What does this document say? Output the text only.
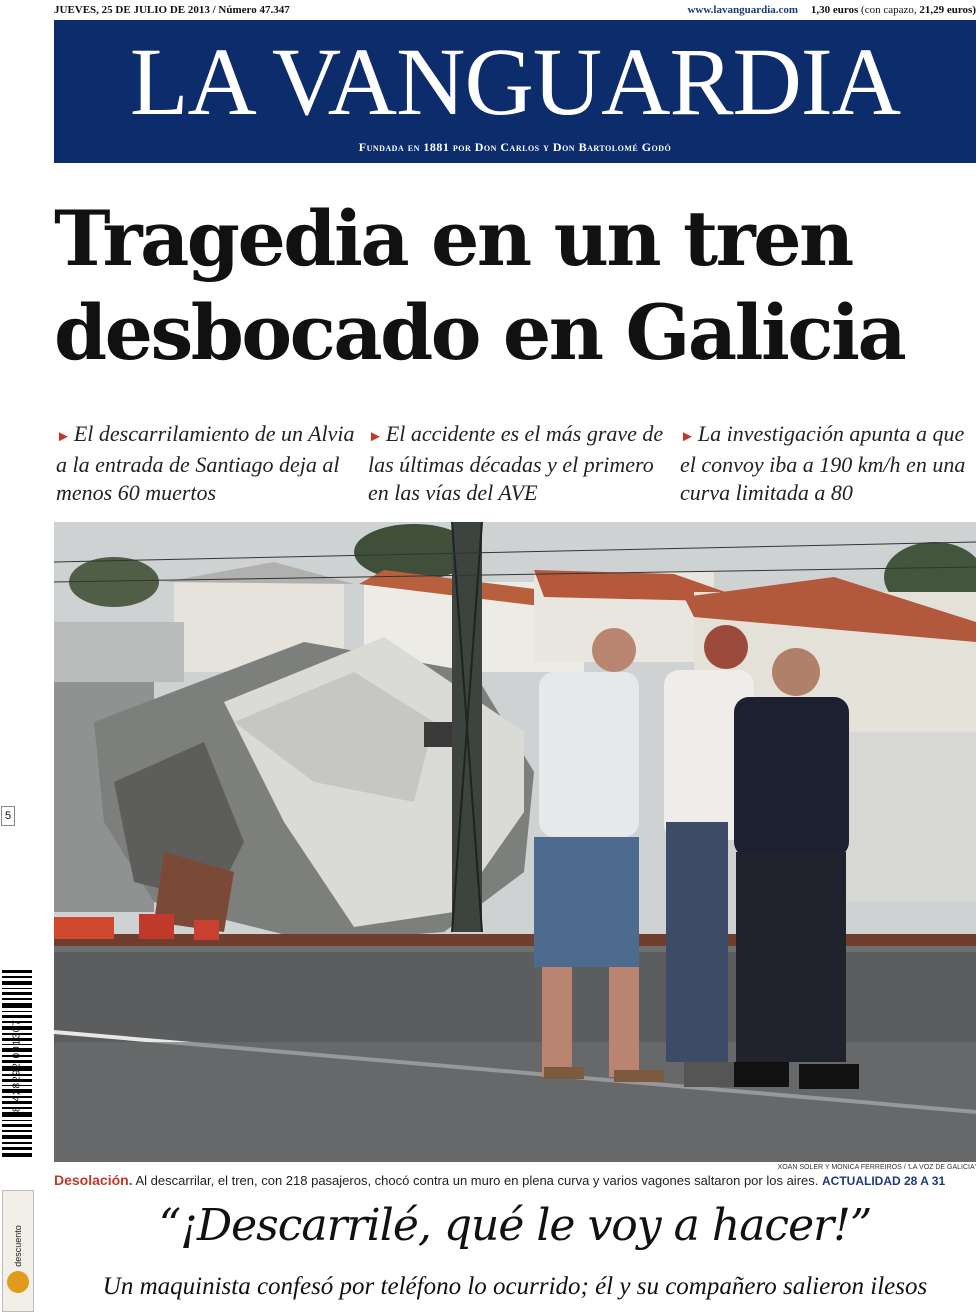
JUEVES, 25 DE JULIO DE 2013 / Número 47.347	www.lavanguardia.com 1,30 euros (con capazo, 21,29 euros)
LA VANGUARDIA
Fundada en 1881 por Don Carlos y Don Bartolomé Godó
Tragedia en un tren
desbocado en Galicia
► El descarrilamiento de un Alvia a la entrada de Santiago deja al menos 60 muertos
► El accidente es el más grave de las últimas décadas y el primero en las vías del AVE
► La investigación apunta a que el convoy iba a 190 km/h en una curva limitada a 80
XOAN SOLER Y MONICA FERREIROS / 'LA VOZ DE GALICIA'
Desolación. Al descarrilar, el tren, con 218 pasajeros, chocó contra un muro en plena curva y varios vagones saltaron por los aires. ACTUALIDAD 28 A 31
“¡Descarrilé, qué le voy a hacer!”
Un maquinista confesó por teléfono lo ocurrido; él y su compañero salieron ilesos
5
8 428292 001307
descuento
